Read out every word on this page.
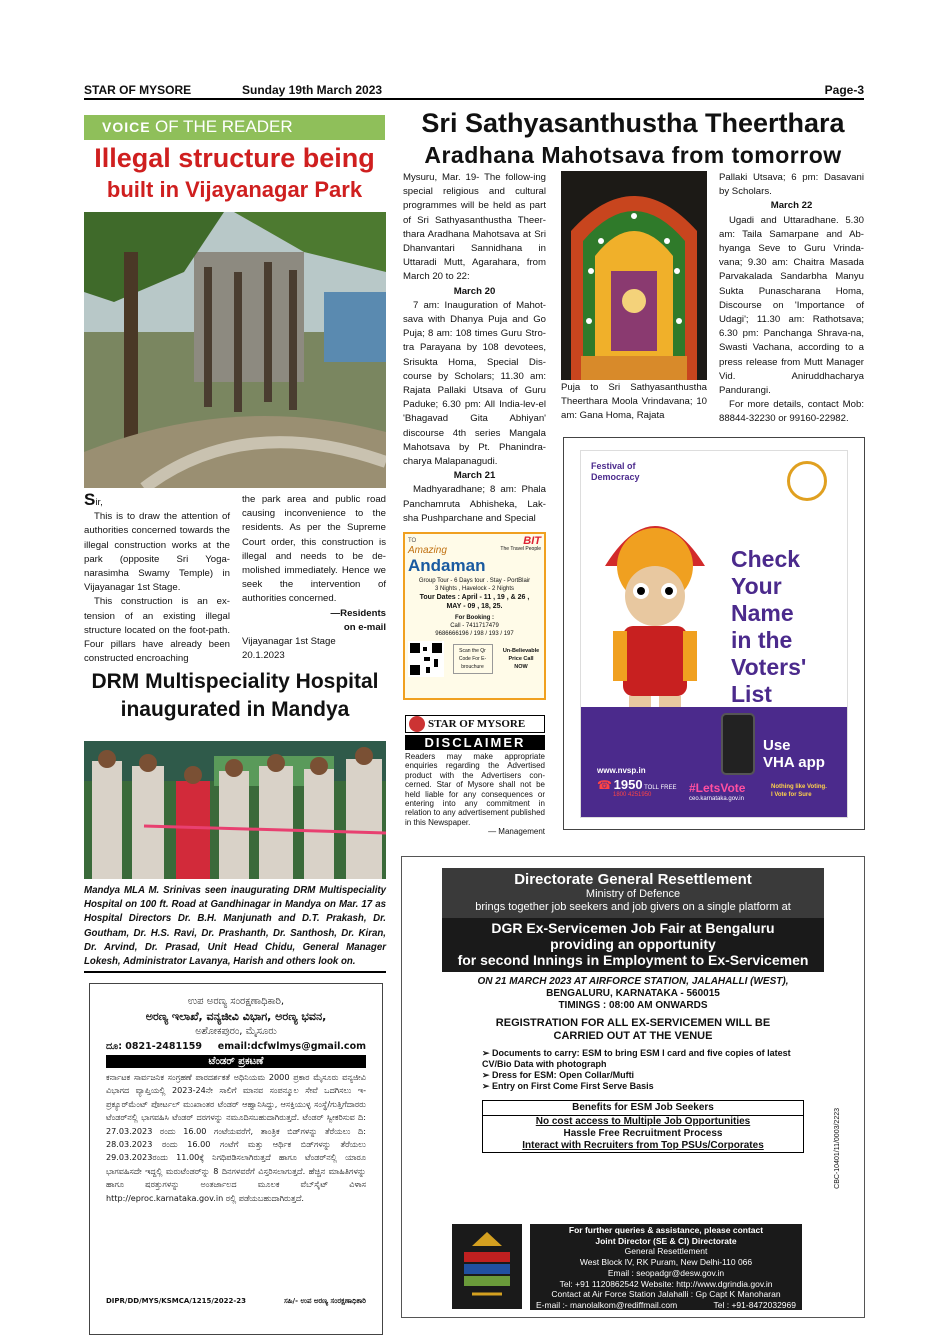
STAR OF MYSORE	Sunday 19th March 2023	Page-3
VOICE OF THE READER
Illegal structure being
built in Vijayanagar Park

Sir,

This is to draw the attention of authorities concerned towards the illegal construction works at the park (opposite Sri Yoga-narasimha Swamy Temple) in Vijayanagar 1st Stage.

This construction is an ex-tension of an existing illegal structure located on the foot-path. Four pillars have already been constructed encroaching

the park area and public road causing inconvenience to the residents. As per the Supreme Court order, this construction is illegal and needs to be de-molished immediately. Hence we seek the intervention of authorities concerned.

—Residents

on e-mail

Vijayanagar 1st Stage

20.1.2023

DRM Multispeciality Hospital
inaugurated in Mandya
Mandya MLA M. Srinivas seen inaugurating DRM Multispeciality Hospital on 100 ft. Road at Gandhinagar in Mandya on Mar. 17 as Hospital Directors Dr. B.H. Manjunath and D.T. Prakash, Dr. Goutham, Dr. H.S. Ravi, Dr. Prashanth, Dr. Santhosh, Dr. Kiran, Dr. Arvind, Dr. Prasad, Unit Head Chidu, General Manager Lokesh, Administrator Lavanya, Harish and others look on.
ಉಪ ಅರಣ್ಯ ಸಂರಕ್ಷಣಾಧಿಕಾರಿ,
ಅರಣ್ಯ ಇಲಾಖೆ, ವನ್ಯಜೀವಿ ವಿಭಾಗ, ಅರಣ್ಯ ಭವನ,
ಅಶೋಕಪುರಂ, ಮೈಸೂರು
ದೂ: 0821-2481159 email:dcfwlmys@gmail.com
ಟೆಂಡರ್ ಪ್ರಕಟಣೆ
ಕರ್ನಾಟಕ ಸಾರ್ವಜನಿಕ ಸಂಗ್ರಹಣೆ ಪಾರದರ್ಶಕತೆ ಅಧಿನಿಯಮ 2000 ಪ್ರಕಾರ ಮೈಸೂರು ವನ್ಯಜೀವಿ ವಿಭಾಗದ ವ್ಯಾಪ್ತಿಯಲ್ಲಿ 2023-24ನೇ ಸಾಲಿಗೆ ಮಾನವ ಸಂಪನ್ಮೂಲ ಸೇವೆ ಒದಗಿಸಲು ಇ-ಪ್ರಕ್ಯೂರ್‌ಮೆಂಟ್ ಪೋರ್ಟಲ್ ಮುಖಾಂತರ ಟೆಂಡರ್ ಆಹ್ವಾನಿಸಿದ್ದು, ಆಸಕ್ತಿಯುಳ್ಳ ಸಂಸ್ಥೆ/ಗುತ್ತಿಗೆದಾರರು ಟೆಂಡರ್‌ನಲ್ಲಿ ಭಾಗವಹಿಸಿ ಟೆಂಡರ್ ದರಗಳನ್ನು ನಮೂದಿಸಬಹುದಾಗಿರುತ್ತದೆ. ಟೆಂಡರ್ ಸ್ವೀಕರಿಸುವ ದಿ: 27.03.2023 ರಂದು 16.00 ಗಂಟೆಯವರೆಗೆ, ತಾಂತ್ರಿಕ ಬಿಡ್‌ಗಳನ್ನು ತೆರೆಯಲು ದಿ: 28.03.2023 ರಂದು 16.00 ಗಂಟೆಗೆ ಮತ್ತು ಆರ್ಥಿಕ ಬಿಡ್‌ಗಳನ್ನು ತೆರೆಯಲು 29.03.2023ರಂದು 11.00ಕ್ಕೆ ನಿಗಧಿಪಡಿಸಲಾಗಿರುತ್ತದೆ ಹಾಗೂ ಟೆಂಡರ್‌ನಲ್ಲಿ ಯಾರೂ ಭಾಗವಹಿಸದೇ ಇದ್ದಲ್ಲಿ ಮರುಟೆಂಡರ್‌ನ್ನು 8 ದಿನಗಳವರೆಗೆ ವಿಸ್ತರಿಸಲಾಗುತ್ತದೆ. ಹೆಚ್ಚಿನ ಮಾಹಿತಿಗಳನ್ನು ಹಾಗೂ ಷರತ್ತುಗಳನ್ನು ಅಂತರ್ಜಾಲದ ಮೂಲಕ ವೆಬ್‌ಸೈಟ್ ವಿಳಾಸ http://eproc.karnataka.gov.in ರಲ್ಲಿ ಪಡೆಯಬಹುದಾಗಿರುತ್ತದೆ.
DIPR/DD/MYS/KSMCA/1215/2022-23	ಸಹಿ/- ಉಪ ಅರಣ್ಯ ಸಂರಕ್ಷಣಾಧಿಕಾರಿ
Sri Sathyasanthustha Theerthara
Aradhana Mahotsava from tomorrow

Mysuru, Mar. 19- The follow-ing special religious and cultural programmes will be held as part of Sri Sathyasanthustha Theer-thara Aradhana Mahotsava at Sri Dhanvantari Sannidhana in Uttaradi Mutt, Agarahara, from March 20 to 22:

March 20

7 am: Inauguration of Mahot-sava with Dhanya Puja and Go Puja; 8 am: 108 times Guru Stro-tra Parayana by 108 devotees, Srisukta Homa, Special Dis-course by Scholars; 11.30 am: Rajata Pallaki Utsava of Guru Paduke; 6.30 pm: All India-lev-el 'Bhagavad Gita Abhiyan' discourse 4th series Mangala Mahotsava by Pt. Phanindra-charya Malapanagudi.

March 21

Madhyaradhane; 8 am: Phala Panchamruta Abhisheka, Lak-sha Pushparchane and Special

Puja to Sri Sathyasanthustha Theerthara Moola Vrindavana; 10 am: Gana Homa, Rajata

Pallaki Utsava; 6 pm: Dasavani by Scholars.

March 22

Ugadi and Uttaradhane. 5.30 am: Taila Samarpane and Ab-hyanga Seve to Guru Vrinda-vana; 9.30 am: Chaitra Masada Parvakalada Sandarbha Manyu Sukta Punascharana Homa, Discourse on 'Importance of Udagi'; 11.30 am: Rathotsava; 6.30 pm: Panchanga Shrava-na, Swasti Vachana, according to a press release from Mutt Manager Vid. Aniruddhacharya Pandurangi.

For more details, contact Mob: 88844-32230 or 99160-22982.

TO
Amazing
Andaman
BIT
The Travel People
Group Tour - 6 Days tour . Stay - PortBlair
3 Nights , Havelock - 2 Nights
Tour Dates : April - 11 , 19 , & 26 ,
MAY - 09 , 18, 25.
For Booking :
Call - 7411717479
9686666196 / 198 / 193 / 197
Scan the Qr Code For E-brouchure
Un-Believable Price Call NOW
STAR OF MYSORE
DISCLAIMER
Readers may make appropriate enquiries regarding the Advertised product with the Advertisers con-cerned. Star of Mysore shall not be held liable for any consequences or entering into any commitment in relation to any advertisement published in this Newspaper.
— Management
Festival of
Democracy
Check
Your
Name
in the
Voters'
List
Use
VHA app
www.nvsp.in
☎ 1950 TOLL FREE
1800 4251950	#LetsVote
ceo.karnataka.gov.in
Nothing like Voting.
I Vote for Sure
Directorate General Resettlement
Ministry of Defence
brings together job seekers and job givers on a single platform at
DGR Ex-Servicemen Job Fair at Bengaluru
providing an opportunity
for second Innings in Employment to Ex-Servicemen
ON 21 MARCH 2023 AT AIRFORCE STATION, JALAHALLI (WEST),
BENGALURU, KARNATAKA - 560015
TIMINGS : 08:00 AM ONWARDS
REGISTRATION FOR ALL EX-SERVICEMEN WILL BE
CARRIED OUT AT THE VENUE
➢ Documents to carry: ESM to bring ESM I card and five copies of latest CV/Bio Data with photograph
➢ Dress for ESM: Open Collar/Mufti
➢ Entry on First Come First Serve Basis
Benefits for ESM Job Seekers
No cost access to Multiple Job Opportunities
Hassle Free Recruitment Process
Interact with Recruiters from Top PSUs/Corporates	CBC-10401/11/0003/2223
For further queries & assistance, please contact
Joint Director (SE & CI) Directorate
General Resettlement
West Block IV, RK Puram, New Delhi-110 066
Email : seopadgr@desw.gov.in
Tel: +91 1120862542 Website: http://www.dgrindia.gov.in
Contact at Air Force Station Jalahalli : Gp Capt K Manoharan
E-mail :- manolalkom@rediffmail.com	Tel : +91-8472032969
